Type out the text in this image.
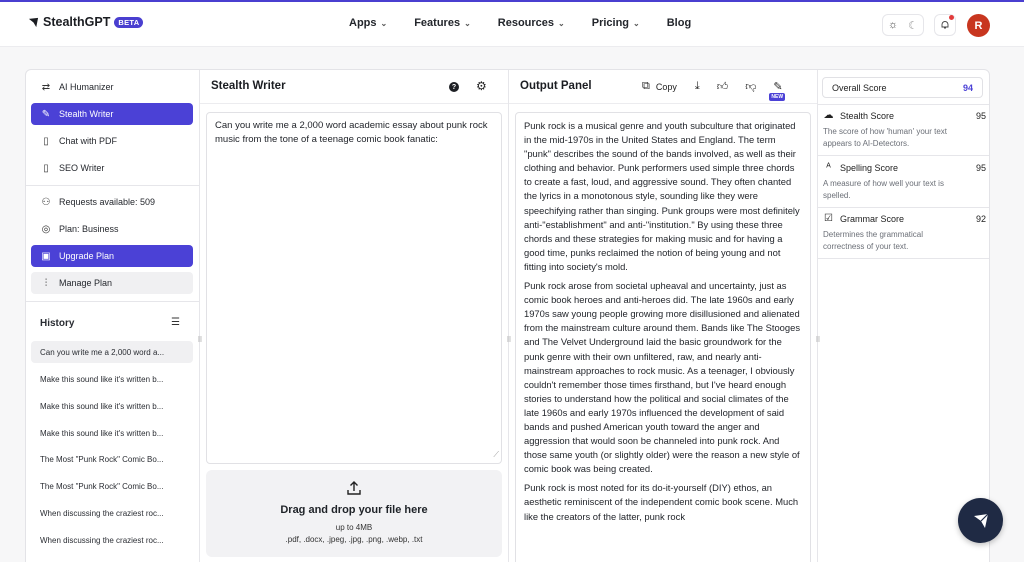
StealthGPT	BETA	Apps ⌄ Features ⌄ Resources ⌄ Pricing ⌄ Blog	☼ ☾	R
⇄ AI Humanizer
✎ Stealth Writer
▯	Chat with PDF
▯	SEO Writer
⚇ Requests available: 509
◎ Plan: Business
▣ Upgrade Plan
⫶	Manage Plan
History	☰
Can you write me a 2,000 word a...
Make this sound like it's written b...
Make this sound like it's written b...
Make this sound like it's written b...
The Most "Punk Rock" Comic Bo...
The Most "Punk Rock" Comic Bo...
When discussing the craziest roc...
When discussing the craziest roc...
Stealth Writer	? ⚙
Can you write me a 2,000 word academic essay about punk rock music from the tone of a teenage comic book fanatic:
⟋
Drag and drop your file here
up to 4MB
.pdf, .docx, .jpeg, .jpg, .png, .webp, .txt
Output Panel	⧉ Copy ⤓ 👍︎ 👎︎ ✎
NEW

Punk rock is a musical genre and youth subculture that originated in the mid-1970s in the United States and England. The term "punk" describes the sound of the bands involved, as well as their clothing and behavior. Punk performers used simple three chords to create a fast, loud, and aggressive sound. They often chanted the lyrics in a monotonous style, sounding like they were speechifying rather than singing. Punk groups were most definitely anti-"establishment" and anti-"institution." By using these three chords and these strategies for making music and for having a good time, punks reclaimed the notion of being young and not fitting into society's mold.

Punk rock arose from societal upheaval and uncertainty, just as comic book heroes and anti-heroes did. The late 1960s and early 1970s saw young people growing more disillusioned and alienated from the mainstream culture around them. Bands like The Stooges and The Velvet Underground laid the basic groundwork for the punk genre with their own unfiltered, raw, and nearly anti-mainstream approaches to rock music. As a teenager, I obviously couldn't remember those times firsthand, but I've heard enough stories to understand how the political and social climates of the late 1960s and early 1970s influenced the development of said bands and pushed American youth toward the anger and aggression that would soon be channeled into punk rock. And those same youth (or slightly older) were the reason a new style of comic book was being created.

Punk rock is most noted for its do-it-yourself (DIY) ethos, an aesthetic reminiscent of the independent comic book scene. Much like the creators of the latter, punk rock

Overall Score	94
☁ Stealth Score	95
The score of how 'human' your text appears to AI-Detectors.
ᴬ	Spelling Score	95
A measure of how well your text is spelled.
☑ Grammar Score	92
Determines the grammatical correctness of your text.
⠿	⠿	⠿
